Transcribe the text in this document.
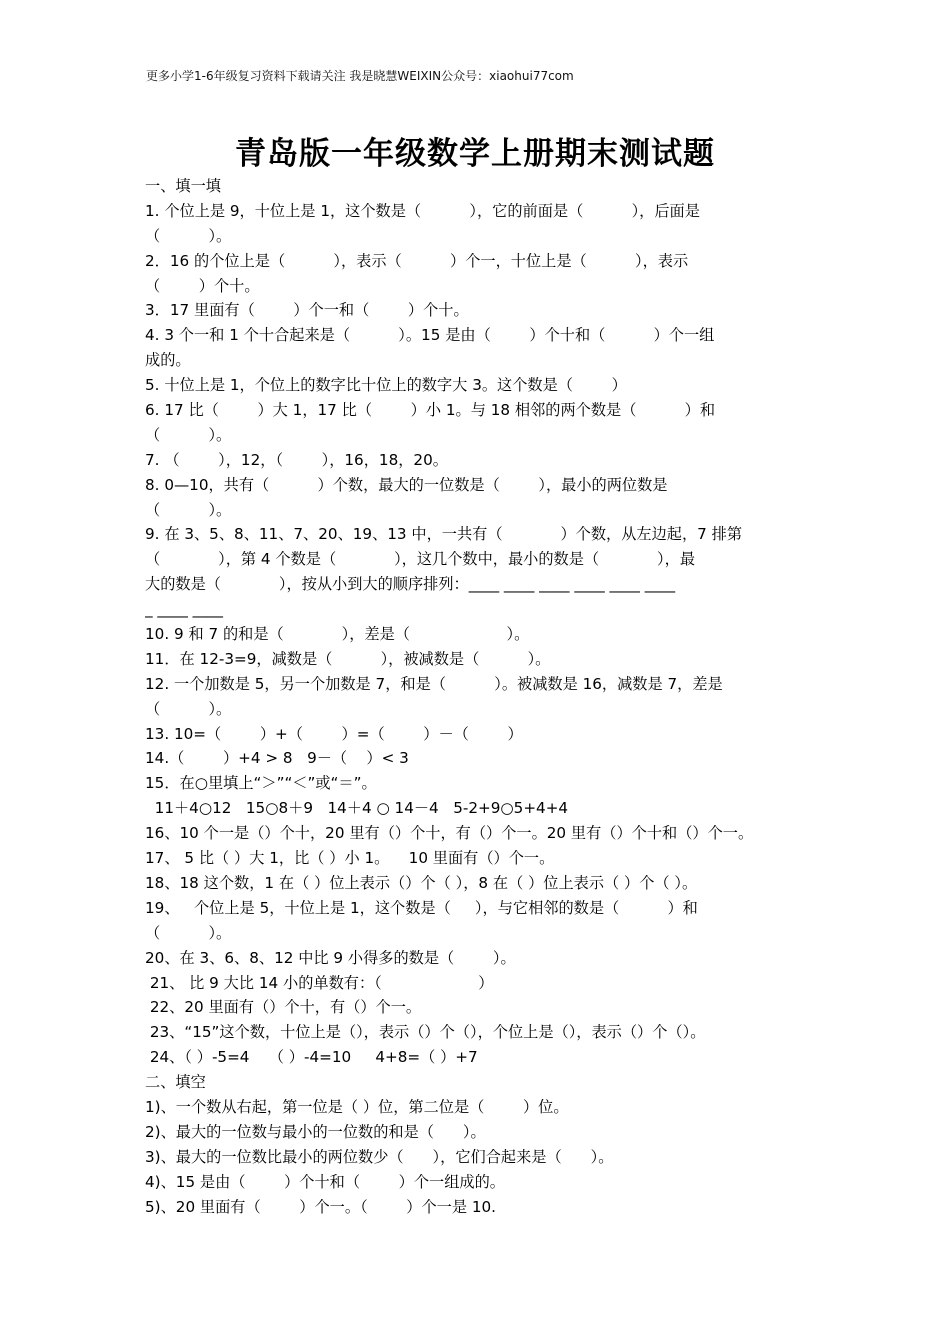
更多小学1-6年级复习资料下载请关注 我是晓慧WEIXIN公众号：xiaohui77com
青岛版一年级数学上册期末测试题
一、填一填
1. 个位上是 9，十位上是 1，这个数是（          ），它的前面是（          ），后面是
（          ）。
2．16 的个位上是（          ），表示（          ）个一，十位上是（          ），表示
（        ）个十。
3．17 里面有（        ）个一和（        ）个十。
4. 3 个一和 1 个十合起来是（          ）。15 是由（        ）个十和（          ）个一组
成的。
5. 十位上是 1，个位上的数字比十位上的数字大 3。这个数是（        ）
6. 17 比（        ）大 1，17 比（        ）小 1。与 18 相邻的两个数是（          ）和
（          ）。
7. （        ），12，（        ），16，18，20。
8. 0—10，共有（          ）个数，最大的一位数是（        ），最小的两位数是
（          ）。
9. 在 3、5、8、11、7、20、19、13 中，一共有（            ）个数，从左边起，7 排第
（            ），第 4 个数是（            ），这几个数中，最小的数是（            ），最
大的数是（            ），按从小到大的顺序排列：____ ____ ____ ____ ____ ____
_ ____ ____
10. 9 和 7 的和是（            ），差是（                    ）。
11．在 12-3=9，减数是（          ），被减数是（          ）。
12. 一个加数是 5，另一个加数是 7，和是（          ）。被减数是 16，减数是 7，差是
（          ）。
13. 10=（        ）+（        ）=（        ）－（        ）
14.（        ）+4 > 8   9－（    ）< 3
15．在○里填上“＞”“＜”或“＝”。
11＋4○12   15○8＋9   14＋4 ○ 14－4   5-2+9○5+4+4
16、10 个一是（）个十，20 里有（）个十，有（）个一。20 里有（）个十和（）个一。
17、 5 比（ ）大 1，比（ ）小 1。    10 里面有（）个一。
18、18 这个数，1 在（ ）位上表示（）个（ ），8 在（ ）位上表示（ ）个（ ）。
19、   个位上是 5，十位上是 1，这个数是（     ），与它相邻的数是（          ）和
（          ）。
20、在 3、6、8、12 中比 9 小得多的数是（        ）。
21、 比 9 大比 14 小的单数有：（                    ）
22、20 里面有（）个十，有（）个一。
23、“15”这个数，十位上是（），表示（）个（），个位上是（），表示（）个（）。
24、（ ）-5=4    （ ）-4=10     4+8=（ ）+7
二、填空
1)、一个数从右起，第一位是（ ）位，第二位是（        ）位。
2)、最大的一位数与最小的一位数的和是（      ）。
3)、最大的一位数比最小的两位数少（      ），它们合起来是（      ）。
4)、15 是由（        ）个十和（        ）个一组成的。
5)、20 里面有（        ）个一。（        ）个一是 10.
